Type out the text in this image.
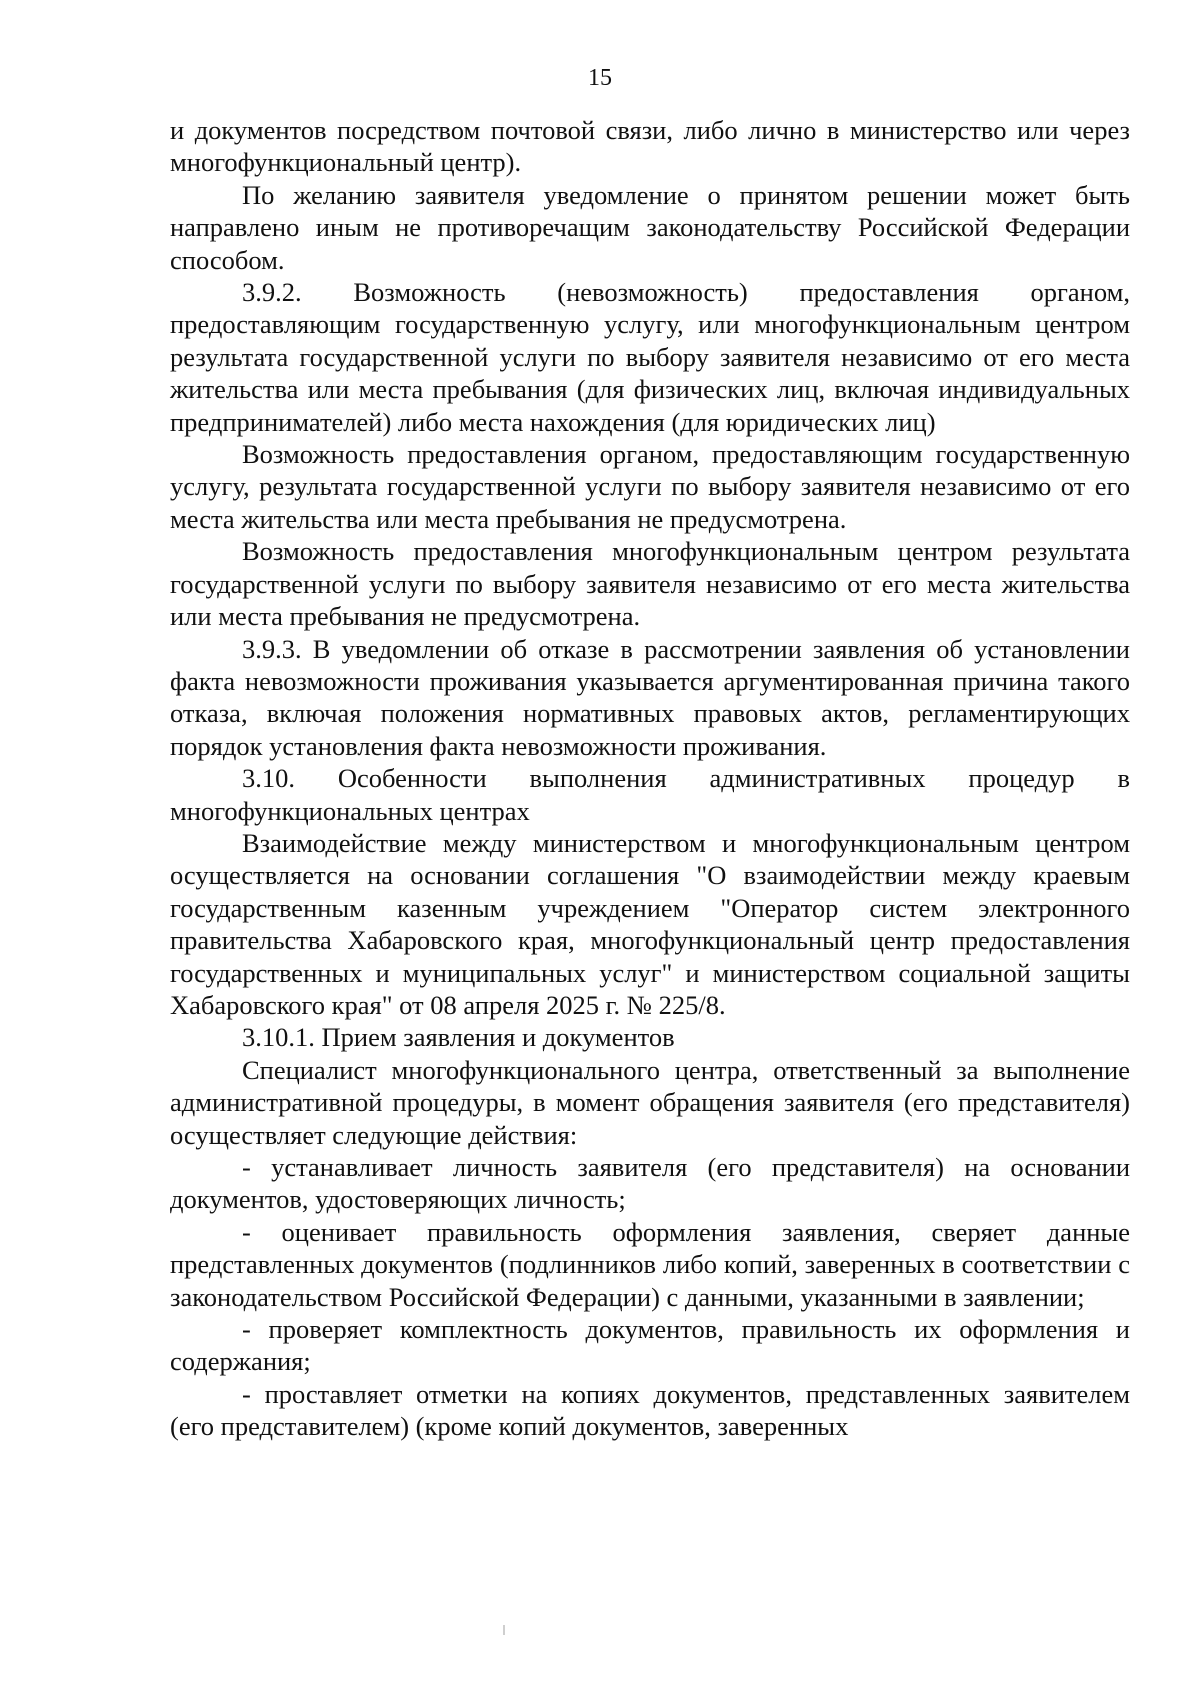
15

и документов посредством почтовой связи, либо лично в министерство или через многофункциональный центр).

По желанию заявителя уведомление о принятом решении может быть направлено иным не противоречащим законодательству Российской Федерации способом.

3.9.2. Возможность (невозможность) предоставления органом, предоставляющим государственную услугу, или многофункциональным центром результата государственной услуги по выбору заявителя независимо от его места жительства или места пребывания (для физических лиц, включая индивидуальных предпринимателей) либо места нахождения (для юридических лиц)

Возможность предоставления органом, предоставляющим государственную услугу, результата государственной услуги по выбору заявителя независимо от его места жительства или места пребывания не предусмотрена.

Возможность предоставления многофункциональным центром результата государственной услуги по выбору заявителя независимо от его места жительства или места пребывания не предусмотрена.

3.9.3. В уведомлении об отказе в рассмотрении заявления об установлении факта невозможности проживания указывается аргументированная причина такого отказа, включая положения нормативных правовых актов, регламентирующих порядок установления факта невозможности проживания.

3.10. Особенности выполнения административных процедур в многофункциональных центрах

Взаимодействие между министерством и многофункциональным центром осуществляется на основании соглашения "О взаимодействии между краевым государственным казенным учреждением "Оператор систем электронного правительства Хабаровского края, многофункциональный центр предоставления государственных и муниципальных услуг" и министерством социальной защиты Хабаровского края" от 08 апреля 2025 г. № 225/8.

3.10.1. Прием заявления и документов

Специалист многофункционального центра, ответственный за выполнение административной процедуры, в момент обращения заявителя (его представителя) осуществляет следующие действия:

- устанавливает личность заявителя (его представителя) на основании документов, удостоверяющих личность;

- оценивает правильность оформления заявления, сверяет данные представленных документов (подлинников либо копий, заверенных в соответствии с законодательством Российской Федерации) с данными, указанными в заявлении;

- проверяет комплектность документов, правильность их оформления и содержания;

- проставляет отметки на копиях документов, представленных заявителем (его представителем) (кроме копий документов, заверенных
